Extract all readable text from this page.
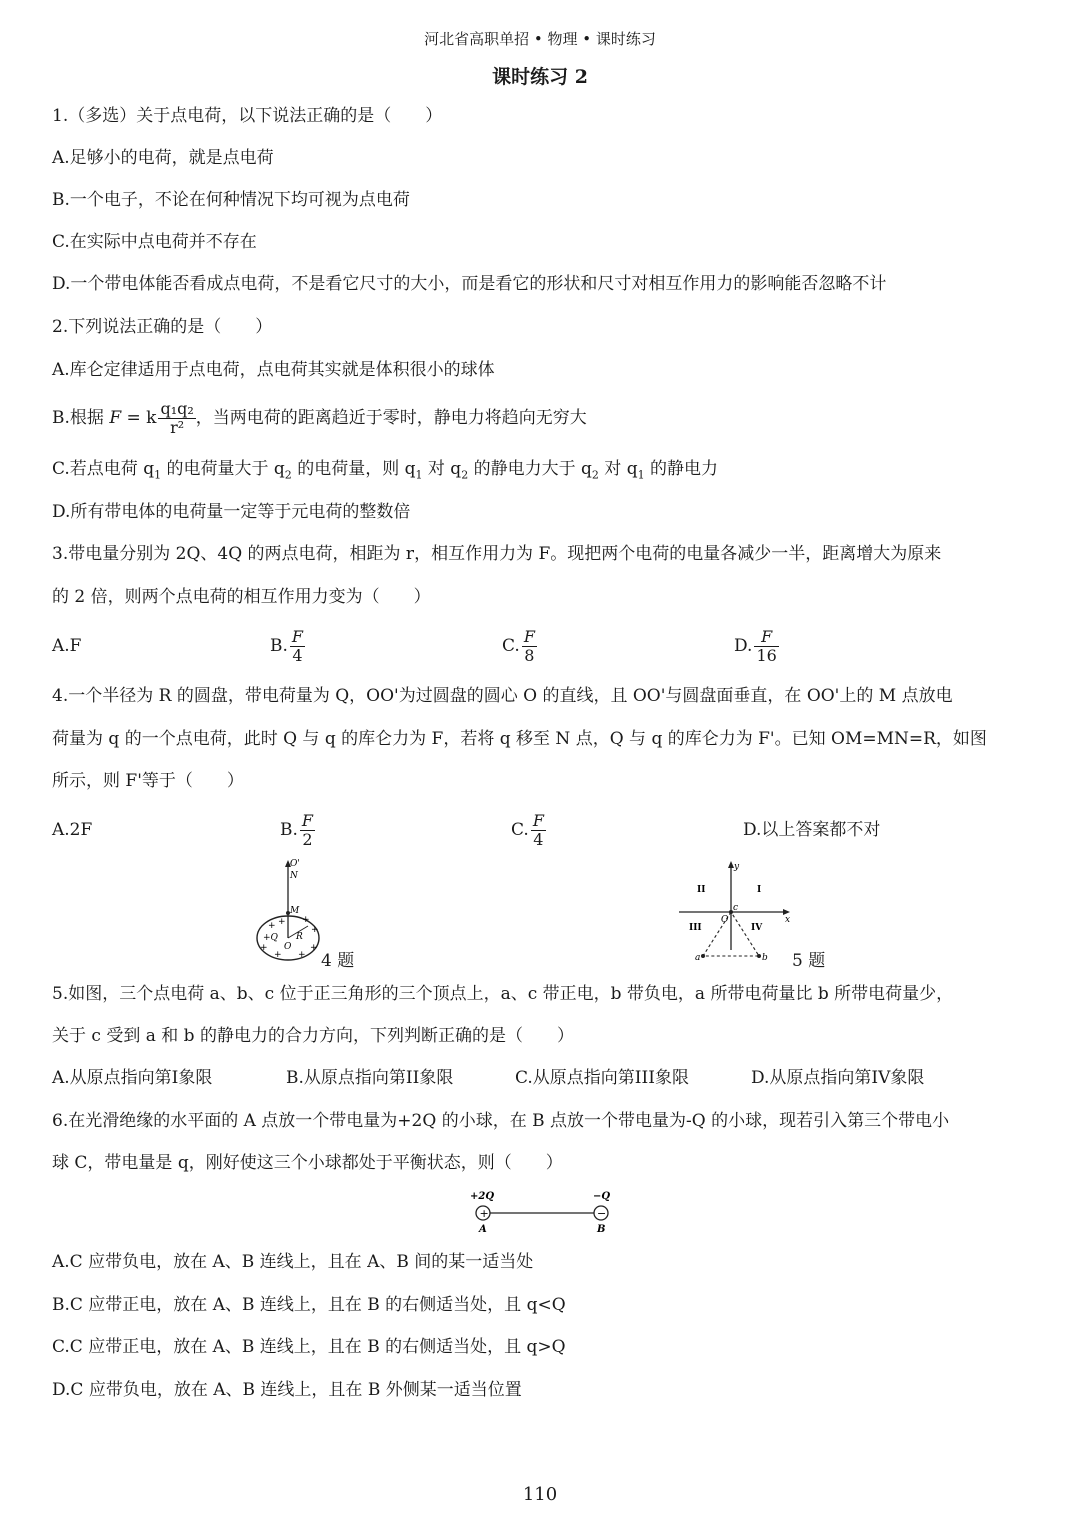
河北省高职单招 • 物理 • 课时练习
课时练习 2
1.（多选）关于点电荷，以下说法正确的是（　　）
A.足够小的电荷，就是点电荷
B.一个电子，不论在何种情况下均可视为点电荷
C.在实际中点电荷并不存在
D.一个带电体能否看成点电荷，不是看它尺寸的大小，而是看它的形状和尺寸对相互作用力的影响能否忽略不计
2.下列说法正确的是（　　）
A.库仑定律适用于点电荷，点电荷其实就是体积很小的球体
B.根据 F = k $\frac{\text{q₁q₂}}{\text{r²}}$ ，当两电荷的距离趋近于零时，静电力将趋向无穷大
C.若点电荷 $q_1$ 的电荷量大于 $q_2$ 的电荷量，则 $q_1$ 对 $q_2$ 的静电力大于 $q_2$ 对 $q_1$ 的静电力
D.所有带电体的电荷量一定等于元电荷的整数倍
3.带电量分别为 2Q、4Q 的两点电荷，相距为 r，相互作用力为 F。现把两个电荷的电量各减少一半，距离增大为原来
的 2 倍，则两个点电荷的相互作用力变为（　　）
A.F	B. $\frac{F}{4}$	C. $\frac{F}{8}$	D. $\frac{F}{16}$
4.一个半径为 R 的圆盘，带电荷量为 Q，OO'为过圆盘的圆心 O 的直线，且 OO'与圆盘面垂直，在 OO'上的 M 点放电
荷量为 q 的一个点电荷，此时 Q 与 q 的库仑力为 F，若将 q 移至 N 点，Q 与 q 的库仑力为 F'。已知 OM=MN=R，如图
所示，则 F'等于（　　）
A.2F	B. $\frac{F}{2}$	C. $\frac{F}{4}$	D.以上答案都不对
O'
N
M
+Q R
O
+ + +
+
+	+
+ + 4 题
y
x
c
O
a	b
I
II
III	IV
5 题
5.如图，三个点电荷 a、b、c 位于正三角形的三个顶点上，a、c 带正电，b 带负电，a 所带电荷量比 b 所带电荷量少，
关于 c 受到 a 和 b 的静电力的合力方向，下列判断正确的是（　　）
A.从原点指向第I象限	B.从原点指向第II象限	C.从原点指向第III象限	D.从原点指向第IV象限
6.在光滑绝缘的水平面的 A 点放一个带电量为+2Q 的小球，在 B 点放一个带电量为-Q 的小球，现若引入第三个带电小
球 C，带电量是 q，刚好使这三个小球都处于平衡状态，则（　　）
+	−
+2Q	−Q
A	B
A.C 应带负电，放在 A、B 连线上，且在 A、B 间的某一适当处
B.C 应带正电，放在 A、B 连线上，且在 B 的右侧适当处，且 q<Q
C.C 应带正电，放在 A、B 连线上，且在 B 的右侧适当处，且 q>Q
D.C 应带负电，放在 A、B 连线上，且在 B 外侧某一适当位置
110
